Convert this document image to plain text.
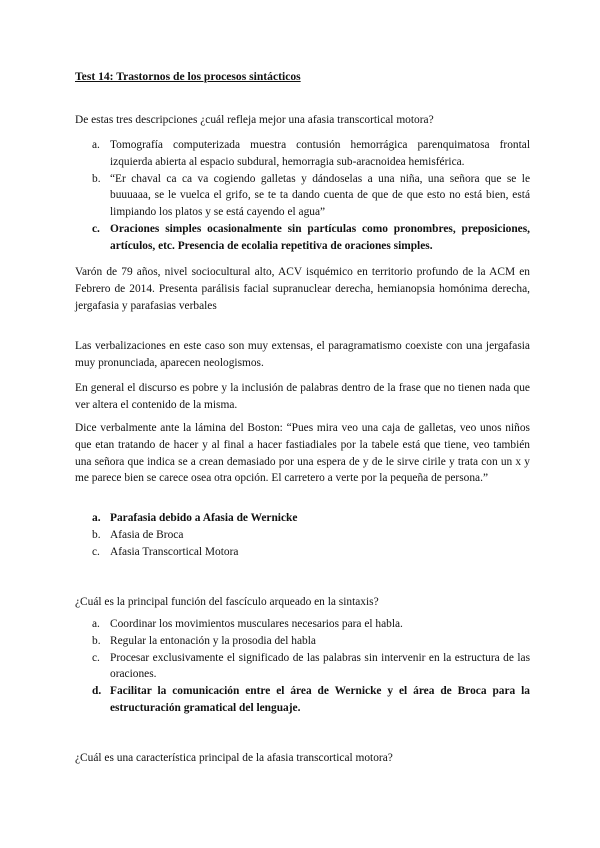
Test 14: Trastornos de los procesos sintácticos

De estas tres descripciones ¿cuál refleja mejor una afasia transcortical motora?

a. Tomografía computerizada muestra contusión hemorrágica parenquimatosa frontal izquierda abierta al espacio subdural, hemorragia sub-aracnoidea hemisférica.
b. “Er chaval ca ca va cogiendo galletas y dándoselas a una niña, una señora que se le buuuaaa, se le vuelca el grifo, se te ta dando cuenta de que de que esto no está bien, está limpiando los platos y se está cayendo el agua”
c. Oraciones simples ocasionalmente sin partículas como pronombres, preposiciones, artículos, etc. Presencia de ecolalia repetitiva de oraciones simples.

Varón de 79 años, nivel sociocultural alto, ACV isquémico en territorio profundo de la ACM en Febrero de 2014. Presenta parálisis facial supranuclear derecha, hemianopsia homónima derecha, jergafasia y parafasias verbales

Las verbalizaciones en este caso son muy extensas, el paragramatismo coexiste con una jergafasia muy pronunciada, aparecen neologismos.

En general el discurso es pobre y la inclusión de palabras dentro de la frase que no tienen nada que ver altera el contenido de la misma.

Dice verbalmente ante la lámina del Boston: “Pues mira veo una caja de galletas, veo unos niños que etan tratando de hacer y al final a hacer fastiadiales por la tabele está que tiene, veo también una señora que indica se a crean demasiado por una espera de y de le sirve cirile y trata con un x y me parece bien se carece osea otra opción. El carretero a verte por la pequeña de persona.”

a. Parafasia debido a Afasia de Wernicke
b. Afasia de Broca
c. Afasia Transcortical Motora

¿Cuál es la principal función del fascículo arqueado en la sintaxis?

a. Coordinar los movimientos musculares necesarios para el habla.
b. Regular la entonación y la prosodia del habla
c. Procesar exclusivamente el significado de las palabras sin intervenir en la estructura de las oraciones.
d. Facilitar la comunicación entre el área de Wernicke y el área de Broca para la estructuración gramatical del lenguaje.

¿Cuál es una característica principal de la afasia transcortical motora?
